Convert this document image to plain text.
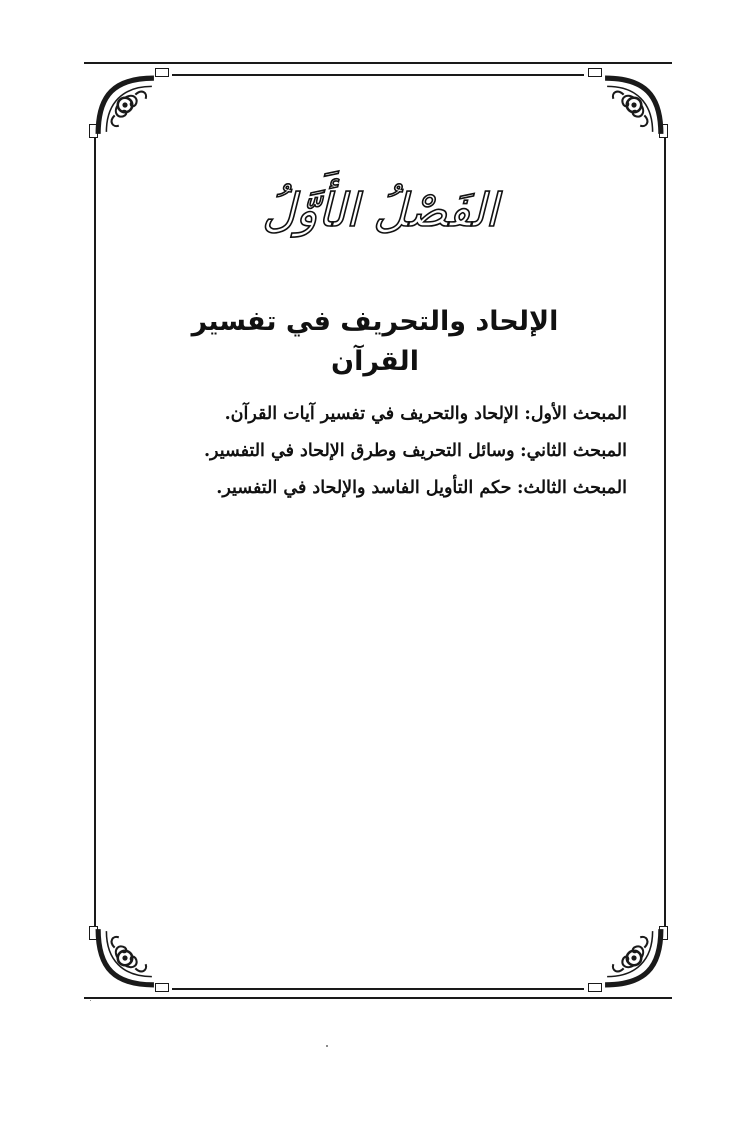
الفَصْلُ الأَوَّلُ
الإلحاد والتحريف في تفسير القرآن
المبحث الأول: الإلحاد والتحريف في تفسير آيات القرآن.
المبحث الثاني: وسائل التحريف وطرق الإلحاد في التفسير.
المبحث الثالث: حكم التأويل الفاسد والإلحاد في التفسير.
